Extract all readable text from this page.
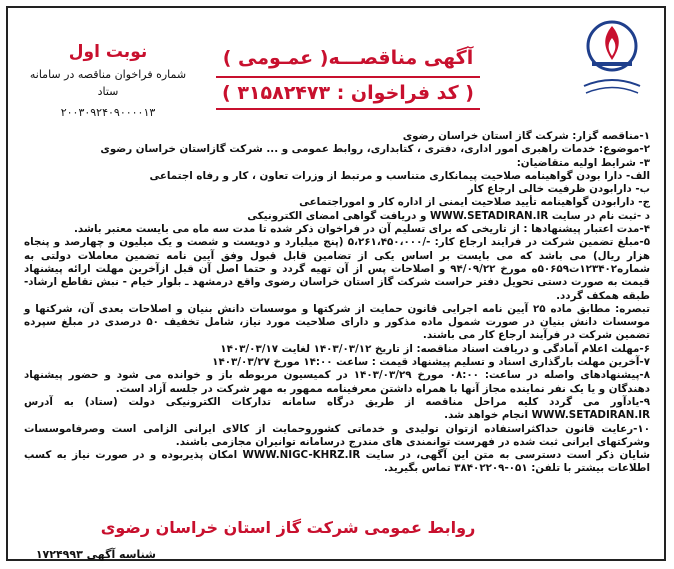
آگهی مناقصـــه( عمـومی )
( کد فراخوان : ۳۱۵۸۲۴۷۳ )
نوبت اول
شماره فراخوان مناقصه در سامانه ستاد
۲۰۰۳۰۹۲۴۰۹۰۰۰۰۱۳

۱-مناقصه گزار: شرکت گاز استان خراسان رضوی

۲-موضوع: خدمات راهبری امور اداری، دفتری ، کتابداری، روابط عمومی و ... شرکت گازاستان خراسان رضوی

۳- شرایط اولیه متقاضیان:

الف- دارا بودن گواهینامه صلاحیت پیمانکاری متناسب و مرتبط از وزرات تعاون ، کار و رفاه اجتماعی

ب- دارابودن ظرفیت خالی ارجاع کار

ج- دارابودن گواهینامه تأیید صلاحیت ایمنی از اداره کار و اموراجتماعی

د -ثبت نام در سایت WWW.SETADIRAN.IR و دریافت گواهی امضای الکترونیکی

۴-مدت اعتبار پیشنهادها : از تاریخی که برای تسلیم آن در فراخوان ذکر شده تا مدت سه ماه می بایست معتبر باشد.

۵-مبلغ تضمین شرکت در فرایند ارجاع کار: -/۵،۲۶۱،۴۵۰،۰۰۰ (پنج میلیارد و دویست و شصت و یک میلیون و چهارصد و پنجاه هزار ریال) می باشد که می بایست بر اساس یکی از تضامین قابل قبول وفق آیین نامه تضمین معاملات دولتی به شماره۱۲۳۴۰۲ت۵۰۶۵۹ه مورخ ۹۴/۰۹/۲۲ و اصلاحات پس از آن تهیه گردد و حتما اصل آن قبل ازآخرین مهلت ارائه پیشنهاد قیمت به صورت دستی تحویل دفتر حراست شرکت گاز استان خراسان رضوی واقع درمشهد ـ بلوار خیام - نبش تقاطع ارشاد- طبقه همکف گردد.

تبصره: مطابق ماده ۲۵ آیین نامه اجرایی قانون حمایت از شرکتها و موسسات دانش بنیان و اصلاحات بعدی آن، شرکتها و موسسات دانش بنیان در صورت شمول ماده مذکور و دارای صلاحیت مورد نیاز، شامل تخفیف ۵۰ درصدی در مبلغ سپرده تضمین شرکت در فرآیند ارجاع کار می باشند.

۶-مهلت اعلام آمادگی و دریافت اسناد مناقصه: از تاریخ ۱۴۰۳/۰۳/۱۲ لغایت ۱۴۰۳/۰۳/۱۷

۷-آخرین مهلت بارگذاری اسناد و تسلیم پیشنهاد قیمت : ساعت ۱۴:۰۰ مورخ ۱۴۰۳/۰۳/۲۷

۸-پیشنهادهای واصله در ساعت: ۰۸:۰۰ مورخ ۱۴۰۳/۰۳/۲۹ در کمیسیون مربوطه باز و خوانده می شود و حضور پیشنهاد دهندگان و یا یک نفر نماینده مجاز آنها با همراه داشتن معرفینامه ممهور به مهر شرکت در جلسه آزاد است.

۹-یادآور می گردد کلیه مراحل مناقصه از طریق درگاه سامانه تدارکات الکترونیکی دولت (ستاد) به آدرس WWW.SETADIRAN.IR انجام خواهد شد.

۱۰-رعایت قانون حداکثراستفاده ازتوان تولیدی و خدماتی کشوروحمایت از کالای ایرانی الزامی است وصرفاموسسات وشرکتهای ایرانی ثبت شده در فهرست توانمندی های مندرج درسامانه توانیران مجازمی باشند.

شایان ذکر است دسترسی به متن این آگهی، در سایت WWW.NIGC-KHRZ.IR امکان پذیربوده و در صورت نیاز به کسب اطلاعات بیشتر با تلفن: ۰۵۱-۳۸۴۰۲۲۰۹ تماس بگیرید.

روابط عمومی شرکت گاز استان خراسان رضوی
شناسه آگهی ۱۷۲۴۹۹۳
